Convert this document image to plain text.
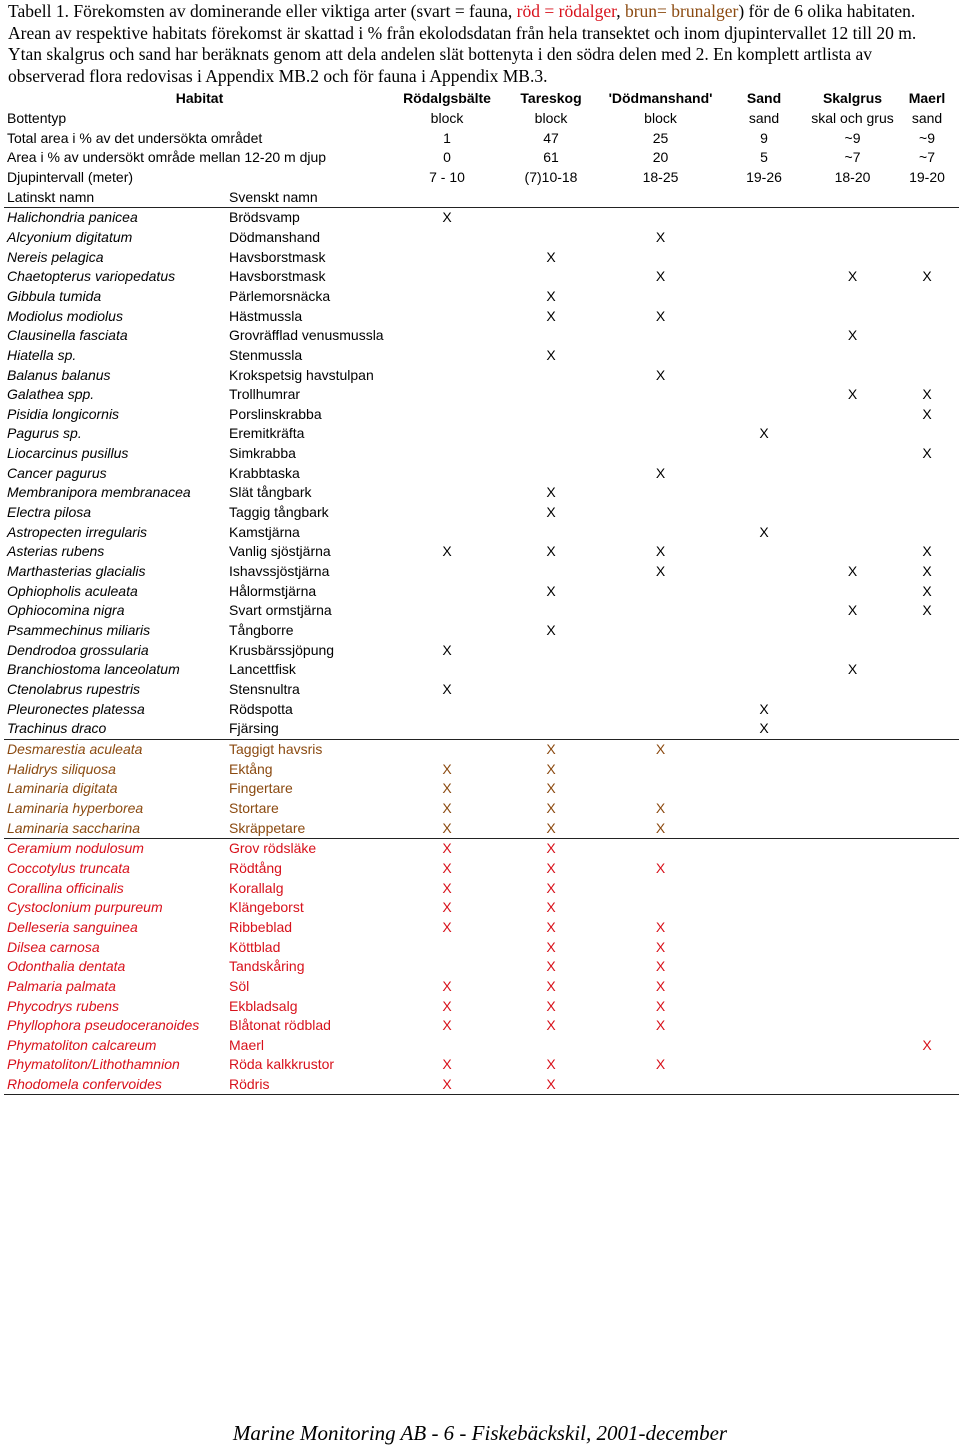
Tabell 1. Förekomsten av dominerande eller viktiga arter (svart = fauna, röd = rödalger, brun= brunalger) för de 6 olika habitaten. Arean av respektive habitats förekomst är skattad i % från ekolodsdatan från hela transektet och inom djupintervallet 12 till 20 m. Ytan skalgrus och sand har beräknats genom att dela andelen slät bottenyta i den södra delen med 2. En komplett artlista av observerad flora redovisas i Appendix MB.2 och för fauna i Appendix MB.3.
Habitat		Rödalgsbälte	Tareskog	'Dödmanshand'	Sand	Skalgrus	Maerl
Bottentyp		block	block	block	sand	skal och grus	sand
Total area i % av det undersökta området		1	47	25	9	~9	~9
Area i % av undersökt område mellan 12-20 m djup		0	61	20	5	~7	~7
Djupintervall (meter)		7 - 10	(7)10-18	18-25	19-26	18-20	19-20
Latinskt namn	Svenskt namn						
Halichondria panicea	Brödsvamp	X					
Alcyonium digitatum	Dödmanshand			X			
Nereis pelagica	Havsborstmask		X				
Chaetopterus variopedatus	Havsborstmask			X		X	X
Gibbula tumida	Pärlemorsnäcka		X				
Modiolus modiolus	Hästmussla		X	X			
Clausinella fasciata	Grovräfflad venusmussla					X	
Hiatella sp.	Stenmussla		X				
Balanus balanus	Krokspetsig havstulpan			X			
Galathea spp.	Trollhumrar					X	X
Pisidia longicornis	Porslinskrabba						X
Pagurus sp.	Eremitkräfta				X		
Liocarcinus pusillus	Simkrabba						X
Cancer pagurus	Krabbtaska			X			
Membranipora membranacea	Slät tångbark		X				
Electra pilosa	Taggig tångbark		X				
Astropecten irregularis	Kamstjärna				X		
Asterias rubens	Vanlig sjöstjärna	X	X	X			X
Marthasterias glacialis	Ishavssjöstjärna			X		X	X
Ophiopholis aculeata	Hålormstjärna		X				X
Ophiocomina nigra	Svart ormstjärna					X	X
Psammechinus miliaris	Tångborre		X				
Dendrodoa grossularia	Krusbärssjöpung	X					
Branchiostoma lanceolatum	Lancettfisk					X	
Ctenolabrus rupestris	Stensnultra	X					
Pleuronectes platessa	Rödspotta				X		
Trachinus draco	Fjärsing				X		
Desmarestia aculeata	Taggigt havsris		X	X			
Halidrys siliquosa	Ektång	X	X				
Laminaria digitata	Fingertare	X	X				
Laminaria hyperborea	Stortare	X	X	X			
Laminaria saccharina	Skräppetare	X	X	X			
Ceramium nodulosum	Grov rödsläke	X	X				
Coccotylus truncata	Rödtång	X	X	X			
Corallina officinalis	Korallalg	X	X				
Cystoclonium purpureum	Klängeborst	X	X				
Delleseria sanguinea	Ribbeblad	X	X	X			
Dilsea carnosa	Köttblad		X	X			
Odonthalia dentata	Tandskåring		X	X			
Palmaria palmata	Söl	X	X	X			
Phycodrys rubens	Ekbladsalg	X	X	X			
Phyllophora pseudoceranoides	Blåtonat rödblad	X	X	X			
Phymatoliton calcareum	Maerl						X
Phymatoliton/Lithothamnion	Röda kalkkrustor	X	X	X			
Rhodomela confervoides	Rödris	X	X				
Marine Monitoring AB - 6 - Fiskebäckskil, 2001-december
